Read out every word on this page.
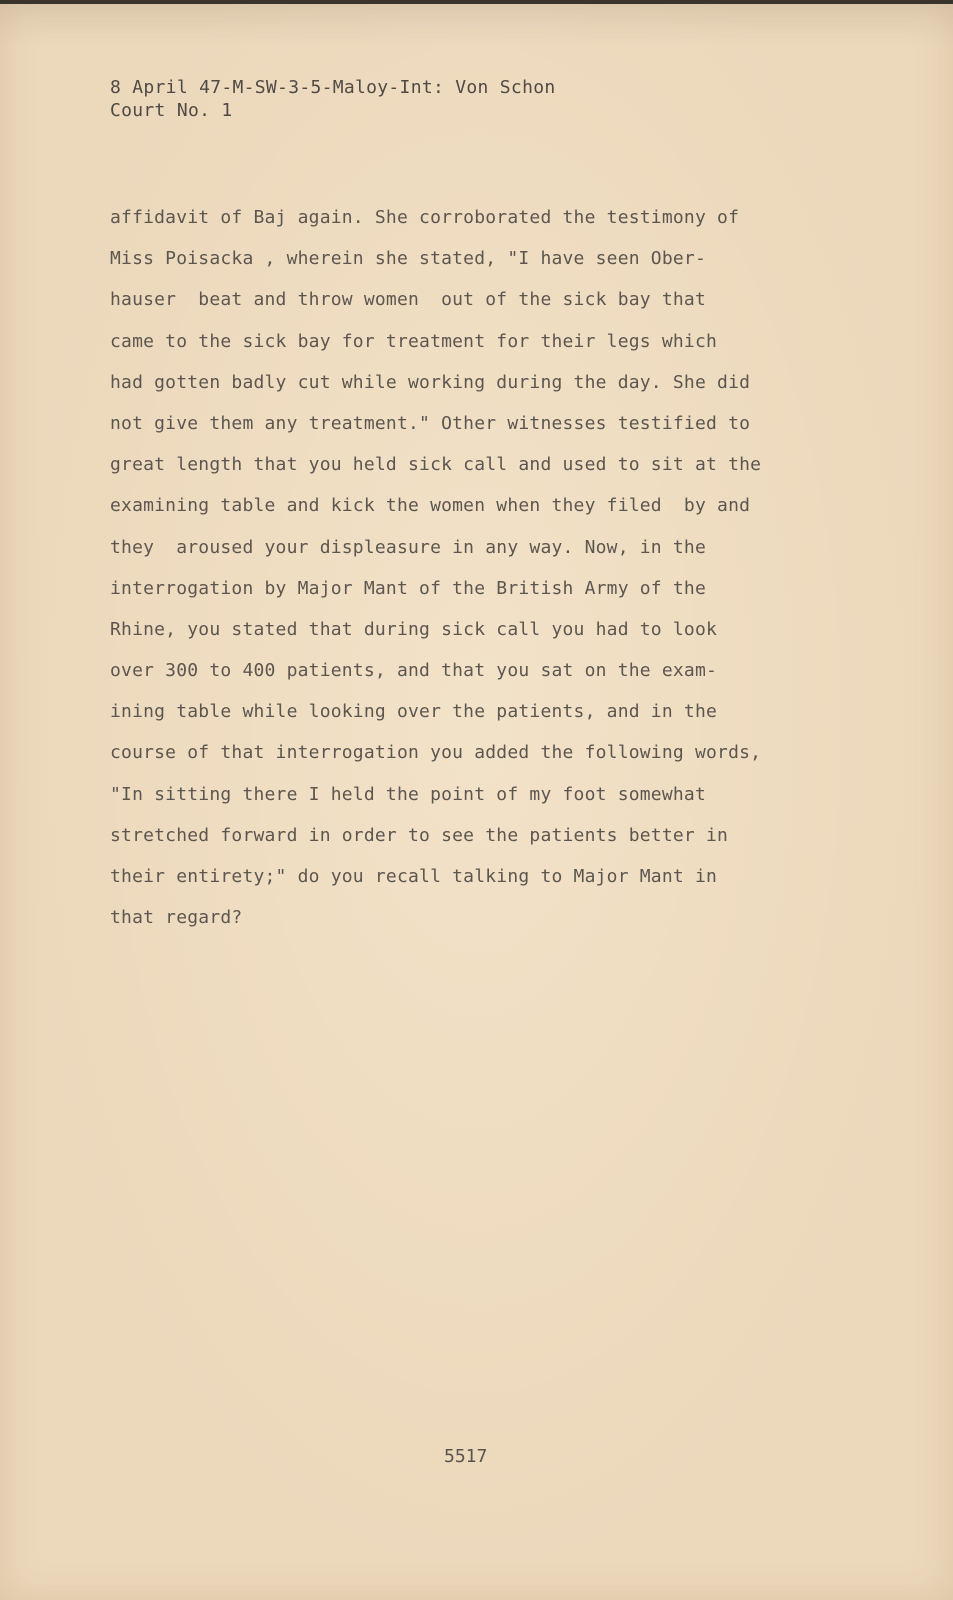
8 April 47-M-SW-3-5-Maloy-Int: Von Schon
Court No. 1
affidavit of Baj again. She corroborated the testimony of
Miss Poisacka , wherein she stated, "I have seen Ober-
hauser  beat and throw women  out of the sick bay that
came to the sick bay for treatment for their legs which
had gotten badly cut while working during the day. She did
not give them any treatment." Other witnesses testified to
great length that you held sick call and used to sit at the
examining table and kick the women when they filed  by and
they  aroused your displeasure in any way. Now, in the
interrogation by Major Mant of the British Army of the
Rhine, you stated that during sick call you had to look
over 300 to 400 patients, and that you sat on the exam-
ining table while looking over the patients, and in the
course of that interrogation you added the following words,
"In sitting there I held the point of my foot somewhat
stretched forward in order to see the patients better in
their entirety;" do you recall talking to Major Mant in
that regard?
5517
